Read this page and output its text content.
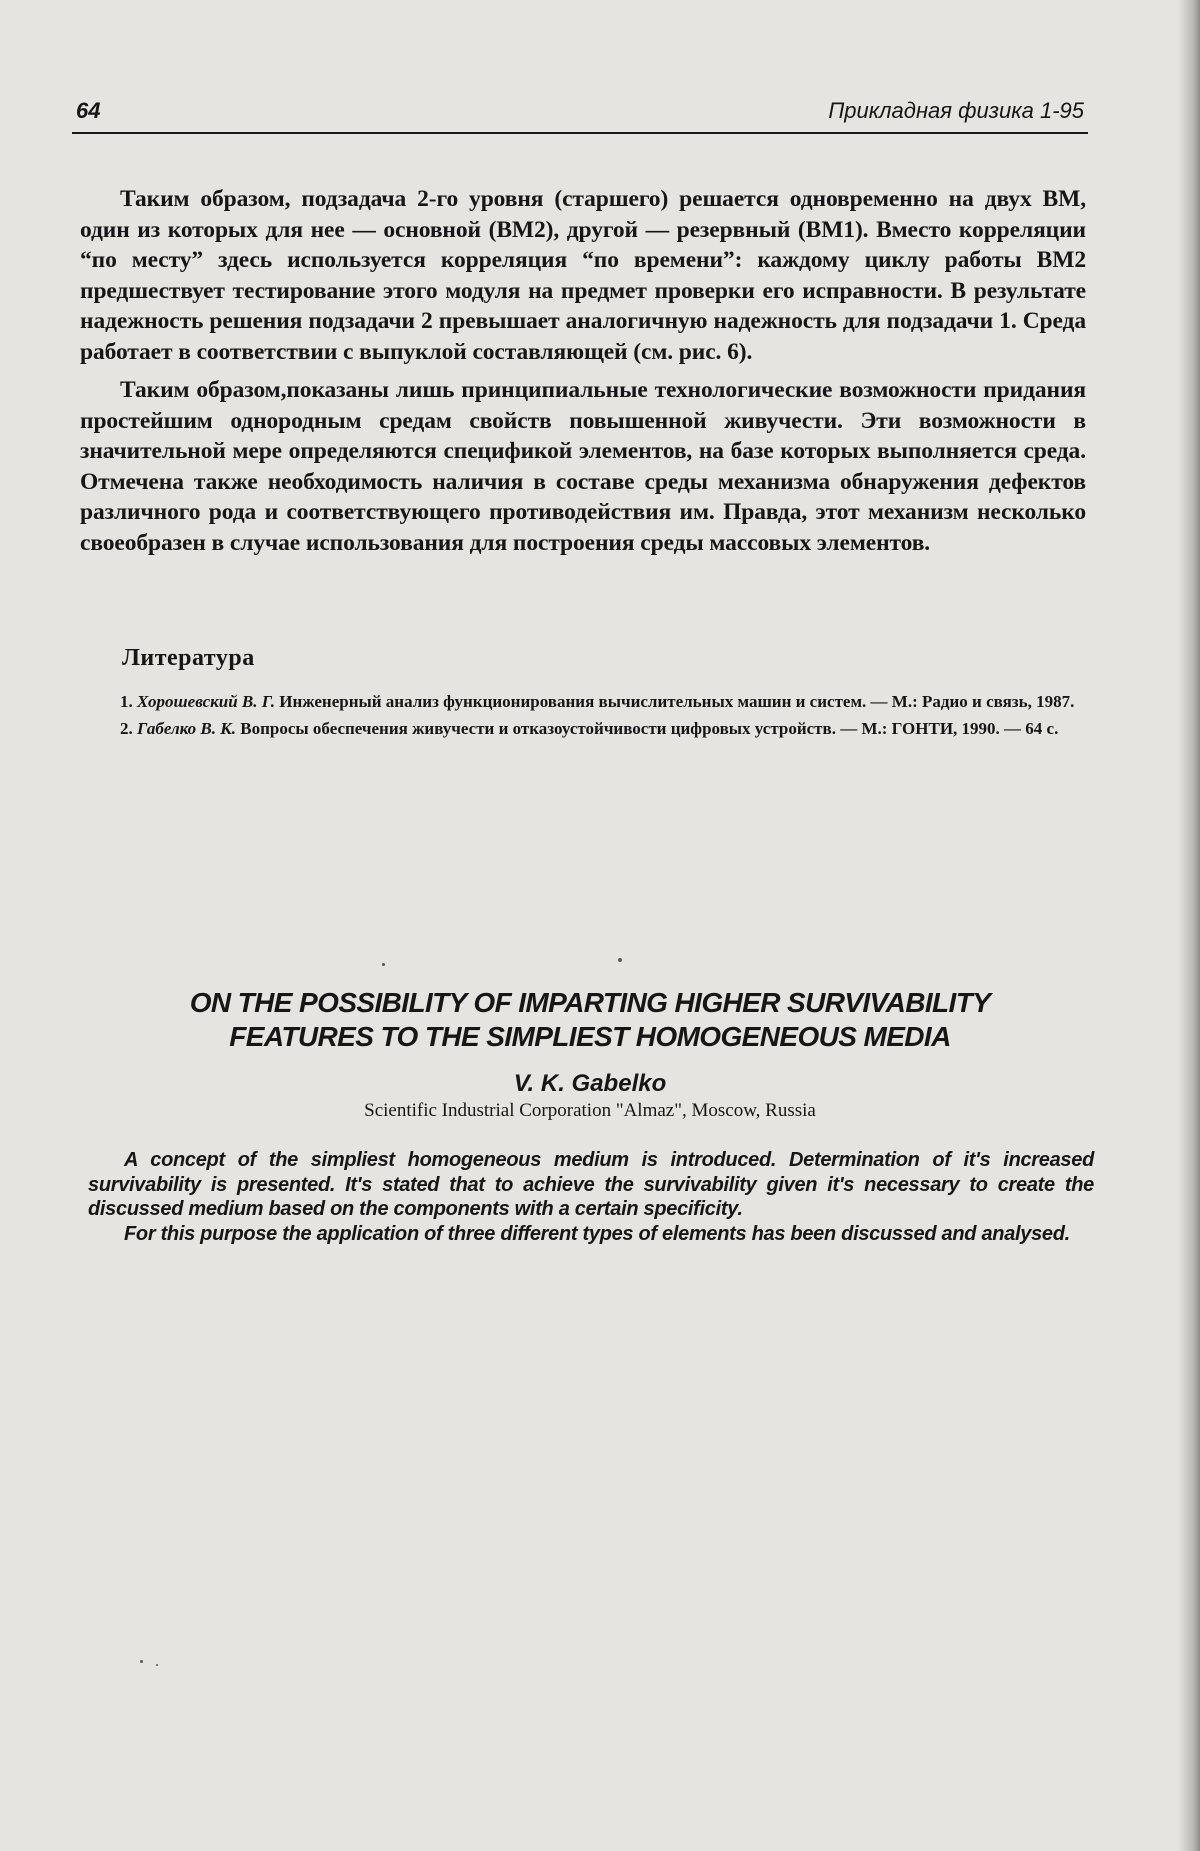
64	Прикладная физика 1-95

Таким образом, подзадача 2-го уровня (старшего) решается одновременно на двух ВМ, один из которых для нее — основной (ВМ2), другой — резервный (ВМ1). Вместо корреляции “по месту” здесь используется корреляция “по времени”: каждому циклу работы ВМ2 предшествует тестирование этого модуля на предмет проверки его исправности. В результате надежность решения подзадачи 2 превышает аналогичную надежность для подзадачи 1. Среда работает в соответствии с выпуклой составляющей (см. рис. 6).

Таким образом,показаны лишь принципиальные технологические возможности придания простейшим однородным средам свойств повышенной живучести. Эти возможности в значительной мере определяются спецификой элементов, на базе которых выполняется среда. Отмечена также необходимость наличия в составе среды механизма обнаружения дефектов различного рода и соответствующего противодействия им. Правда, этот механизм несколько своеобразен в случае использования для построения среды массовых элементов.

Литература
1. Хорошевский В. Г. Инженерный анализ функционирования вычислительных машин и систем. — М.: Радио и связь, 1987.
2. Габелко В. К. Вопросы обеспечения живучести и отказоустойчивости цифровых устройств. — М.: ГОНТИ, 1990. — 64 с.
ON THE POSSIBILITY OF IMPARTING HIGHER SURVIVABILITY
FEATURES TO THE SIMPLIEST HOMOGENEOUS MEDIA
V. K. Gabelko
Scientific Industrial Corporation "Almaz", Moscow, Russia

A concept of the simpliest homogeneous medium is introduced. Determination of it's increased survivability is presented. It's stated that to achieve the survivability given it's necessary to create the discussed medium based on the components with a certain specificity.

For this purpose the application of three different types of elements has been discussed and analysed.
